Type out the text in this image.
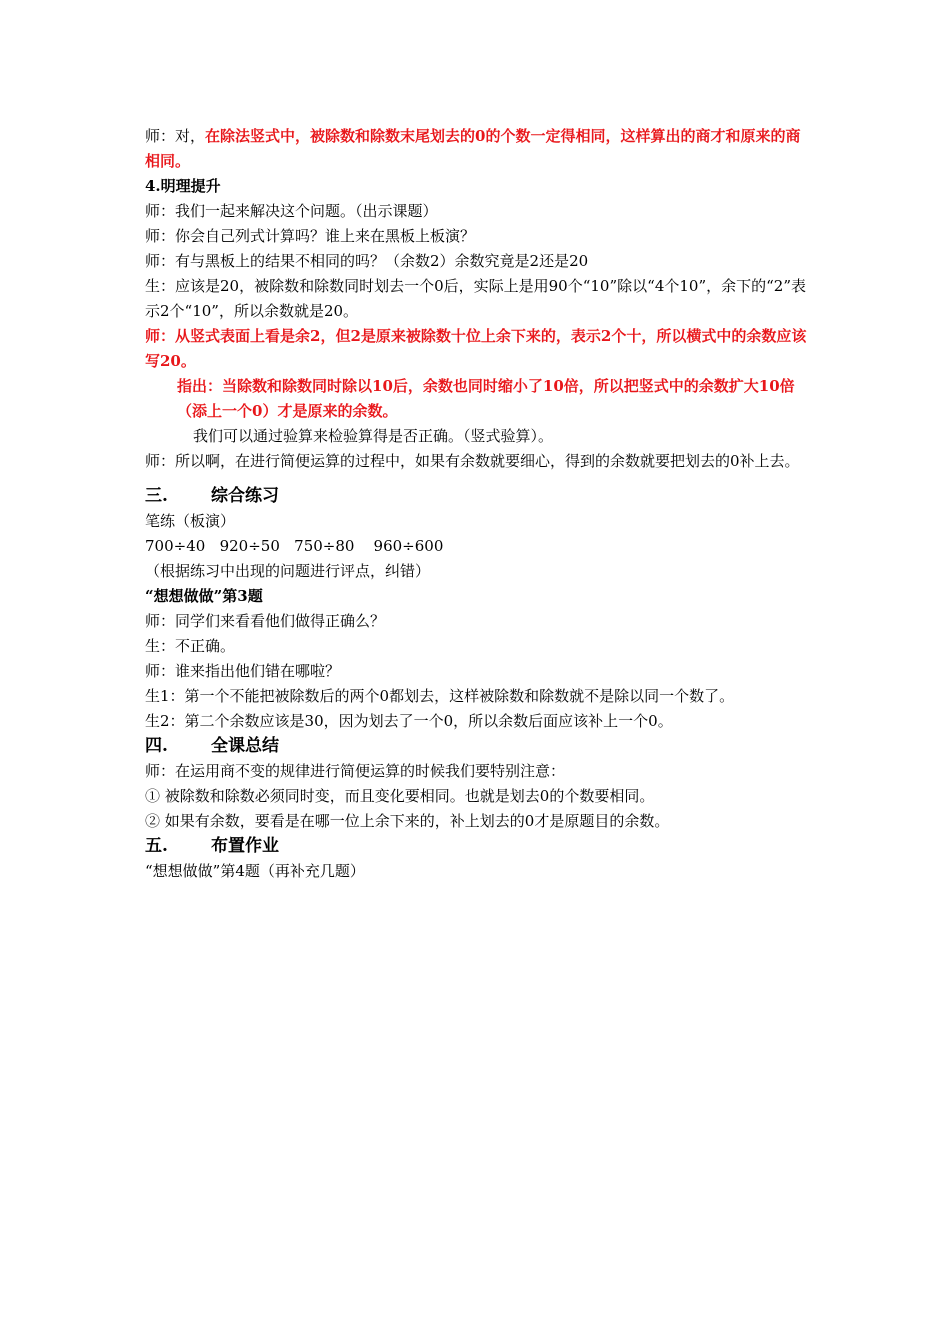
师：对，在除法竖式中，被除数和除数末尾划去的0的个数一定得相同，这样算出的商才和原来的商相同。
4.明理提升
师：我们一起来解决这个问题。（出示课题）
师：你会自己列式计算吗？谁上来在黑板上板演？
师：有与黑板上的结果不相同的吗？（余数2）余数究竟是2还是20
生：应该是20，被除数和除数同时划去一个0后，实际上是用90个“10”除以“4个10”，余下的“2”表示2个“10”，所以余数就是20。
师：从竖式表面上看是余2，但2是原来被除数十位上余下来的，表示2个十，所以横式中的余数应该写20。
指出：当除数和除数同时除以10后，余数也同时缩小了10倍，所以把竖式中的余数扩大10倍（添上一个0）才是原来的余数。
我们可以通过验算来检验算得是否正确。（竖式验算）。
师：所以啊，在进行简便运算的过程中，如果有余数就要细心，得到的余数就要把划去的0补上去。
三.	综合练习
笔练（板演）
700÷40   920÷50   750÷80    960÷600
（根据练习中出现的问题进行评点，纠错）
“想想做做”第3题
师：同学们来看看他们做得正确么？
生：不正确。
师：谁来指出他们错在哪啦？
生1：第一个不能把被除数后的两个0都划去，这样被除数和除数就不是除以同一个数了。
生2：第二个余数应该是30，因为划去了一个0，所以余数后面应该补上一个0。
四.	全课总结
师：在运用商不变的规律进行简便运算的时候我们要特别注意：
① 被除数和除数必须同时变，而且变化要相同。也就是划去0的个数要相同。
② 如果有余数，要看是在哪一位上余下来的，补上划去的0才是原题目的余数。
五.	布置作业
“想想做做”第4题（再补充几题）
